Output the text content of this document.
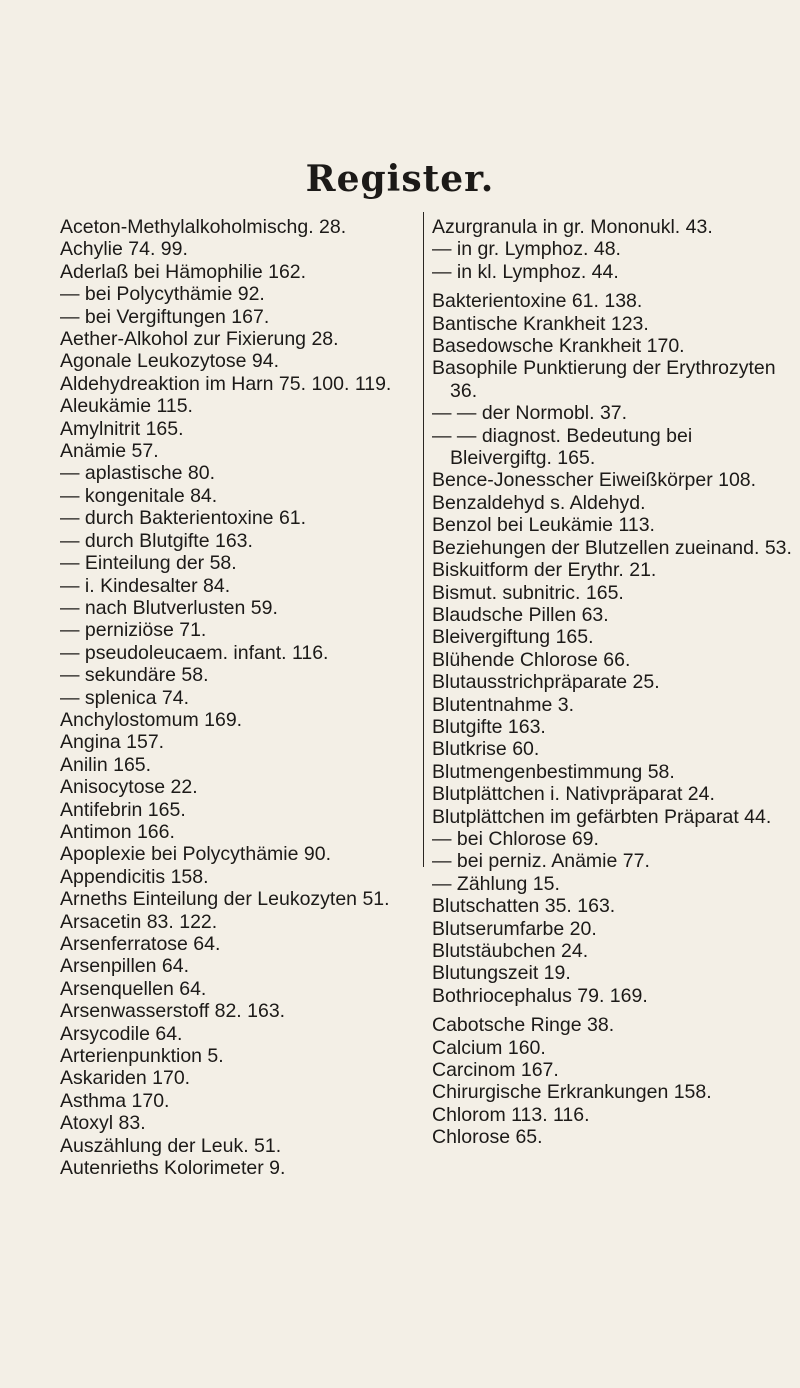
Register.

Aceton-Methylalkoholmischg. 28.

Achylie 74. 99.

Aderlaß bei Hämophilie 162.

— bei Polycythämie 92.

— bei Vergiftungen 167.

Aether-Alkohol zur Fixierung 28.

Agonale Leukozytose 94.

Aldehydreaktion im Harn 75. 100. 119.

Aleukämie 115.

Amylnitrit 165.

Anämie 57.

— aplastische 80.

— kongenitale 84.

— durch Bakterientoxine 61.

— durch Blutgifte 163.

— Einteilung der 58.

— i. Kindesalter 84.

— nach Blutverlusten 59.

— perniziöse 71.

— pseudoleucaem. infant. 116.

— sekundäre 58.

— splenica 74.

Anchylostomum 169.

Angina 157.

Anilin 165.

Anisocytose 22.

Antifebrin 165.

Antimon 166.

Apoplexie bei Polycythämie 90.

Appendicitis 158.

Arneths Einteilung der Leukozyten 51.

Arsacetin 83. 122.

Arsenferratose 64.

Arsenpillen 64.

Arsenquellen 64.

Arsenwasserstoff 82. 163.

Arsycodile 64.

Arterienpunktion 5.

Askariden 170.

Asthma 170.

Atoxyl 83.

Auszählung der Leuk. 51.

Autenrieths Kolorimeter 9.

Azurgranula in gr. Mononukl. 43.

— in gr. Lymphoz. 48.

— in kl. Lymphoz. 44.

Bakterientoxine 61. 138.

Bantische Krankheit 123.

Basedowsche Krankheit 170.

Basophile Punktierung der Erythrozyten 36.

— — der Normobl. 37.

— — diagnost. Bedeutung bei Bleivergiftg. 165.

Bence-Jonesscher Eiweißkörper 108.

Benzaldehyd s. Aldehyd.

Benzol bei Leukämie 113.

Beziehungen der Blutzellen zueinand. 53.

Biskuitform der Erythr. 21.

Bismut. subnitric. 165.

Blaudsche Pillen 63.

Bleivergiftung 165.

Blühende Chlorose 66.

Blutausstrichpräparate 25.

Blutentnahme 3.

Blutgifte 163.

Blutkrise 60.

Blutmengenbestimmung 58.

Blutplättchen i. Nativpräparat 24.

Blutplättchen im gefärbten Präparat 44.

— bei Chlorose 69.

— bei perniz. Anämie 77.

— Zählung 15.

Blutschatten 35. 163.

Blutserumfarbe 20.

Blutstäubchen 24.

Blutungszeit 19.

Bothriocephalus 79. 169.

Cabotsche Ringe 38.

Calcium 160.

Carcinom 167.

Chirurgische Erkrankungen 158.

Chlorom 113. 116.

Chlorose 65.
